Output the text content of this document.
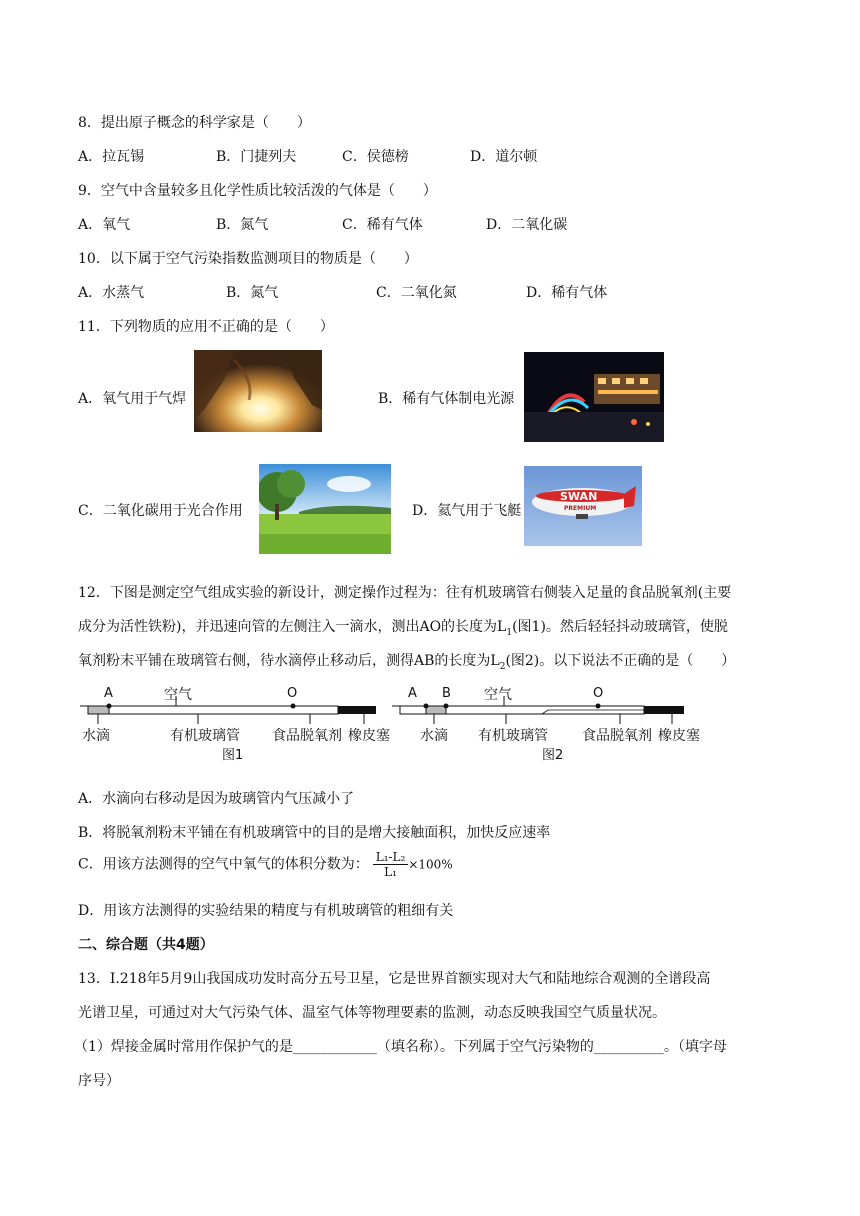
8．提出原子概念的科学家是（　　）
A．拉瓦锡	B．门捷列夫	C．侯德榜	D．道尔顿
9．空气中含量较多且化学性质比较活泼的气体是（　　）
A．氧气	B．氮气	C．稀有气体	D．二氧化碳
10．以下属于空气污染指数监测项目的物质是（　　）
A．水蒸气	B．氮气	C．二氧化氮	D．稀有气体
11．下列物质的应用不正确的是（　　）
A．氧气用于气焊	B．稀有气体制电光源
C．二氧化碳用于光合作用	D．氦气用于飞艇
SWAN
PREMIUM
12．下图是测定空气组成实验的新设计，测定操作过程为：往有机玻璃管右侧装入足量的食品脱氧剂(主要
成分为活性铁粉)，并迅速向管的左侧注入一滴水，测出AO的长度为$L_1$(图1)。然后轻轻抖动玻璃管，使脱
氧剂粉末平铺在玻璃管右侧，待水滴停止移动后，测得AB的长度为$L_2$(图2)。以下说法不正确的是（　　）
A	空气	O
水滴	有机玻璃管 食品脱氧剂 橡皮塞
图1
A B 空气	O
水滴 有机玻璃管 食品脱氧剂 橡皮塞
图2
A．水滴向右移动是因为玻璃管内气压减小了
B．将脱氧剂粉末平铺在有机玻璃管中的目的是增大接触面积，加快反应速率
C．用该方法测得的空气中氧气的体积分数为： $\frac{\text{L₁-L₂}}{\text{L₁}} \times 100\%$
D．用该方法测得的实验结果的精度与有机玻璃管的粗细有关
二、综合题（共4题）
13．Ⅰ.218年5月9山我国成功发时高分五号卫星，它是世界首额实现对大气和陆地综合观测的全谱段高
光谱卫星，可通过对大气污染气体、温室气体等物理要素的监测，动态反映我国空气质量状况。
（1）焊接金属时常用作保护气的是____________（填名称）。下列属于空气污染物的__________。（填字母
序号）
